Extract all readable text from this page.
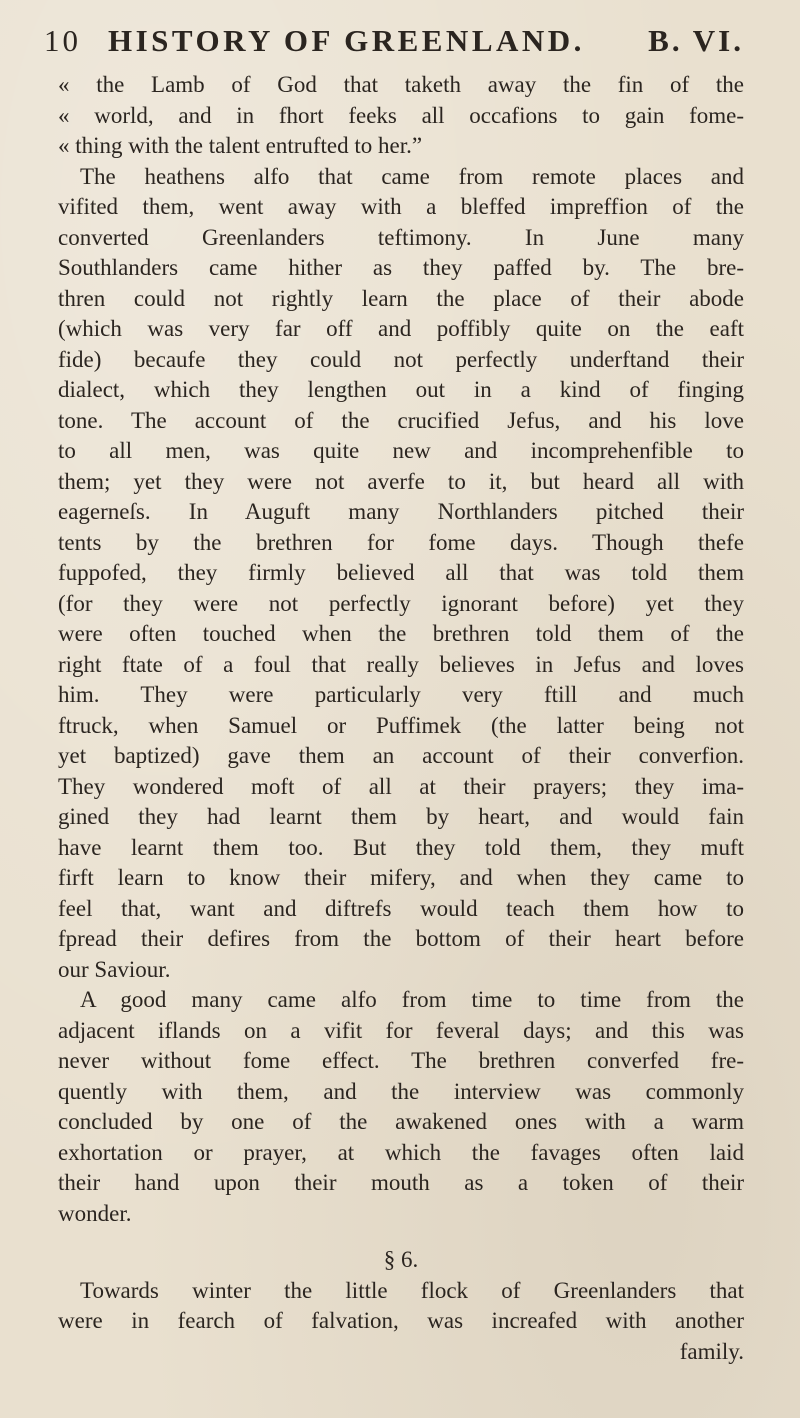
10 HISTORY OF GREENLAND. B. VI.
« the Lamb of God that taketh away the fin of the
« world, and in fhort feeks all occafions to gain fome-
« thing with the talent entrufted to her.”
The heathens alfo that came from remote places and
vifited them, went away with a bleffed impreffion of the
converted Greenlanders teftimony. In June many
Southlanders came hither as they paffed by. The bre-
thren could not rightly learn the place of their abode
(which was very far off and poffibly quite on the eaft
fide) becaufe they could not perfectly underftand their
dialect, which they lengthen out in a kind of finging
tone. The account of the crucified Jefus, and his love
to all men, was quite new and incomprehenfible to
them; yet they were not averfe to it, but heard all with
eagerneſs. In Auguft many Northlanders pitched their
tents by the brethren for fome days. Though thefe
fuppofed, they firmly believed all that was told them
(for they were not perfectly ignorant before) yet they
were often touched when the brethren told them of the
right ftate of a foul that really believes in Jefus and loves
him. They were particularly very ftill and much
ftruck, when Samuel or Puffimek (the latter being not
yet baptized) gave them an account of their converfion.
They wondered moft of all at their prayers; they ima-
gined they had learnt them by heart, and would fain
have learnt them too. But they told them, they muft
firft learn to know their mifery, and when they came to
feel that, want and diftrefs would teach them how to
fpread their defires from the bottom of their heart before
our Saviour.
A good many came alfo from time to time from the
adjacent iflands on a vifit for feveral days; and this was
never without fome effect. The brethren converfed fre-
quently with them, and the interview was commonly
concluded by one of the awakened ones with a warm
exhortation or prayer, at which the favages often laid
their hand upon their mouth as a token of their
wonder.
§ 6.
Towards winter the little flock of Greenlanders that
were in fearch of falvation, was increafed with another
family.
